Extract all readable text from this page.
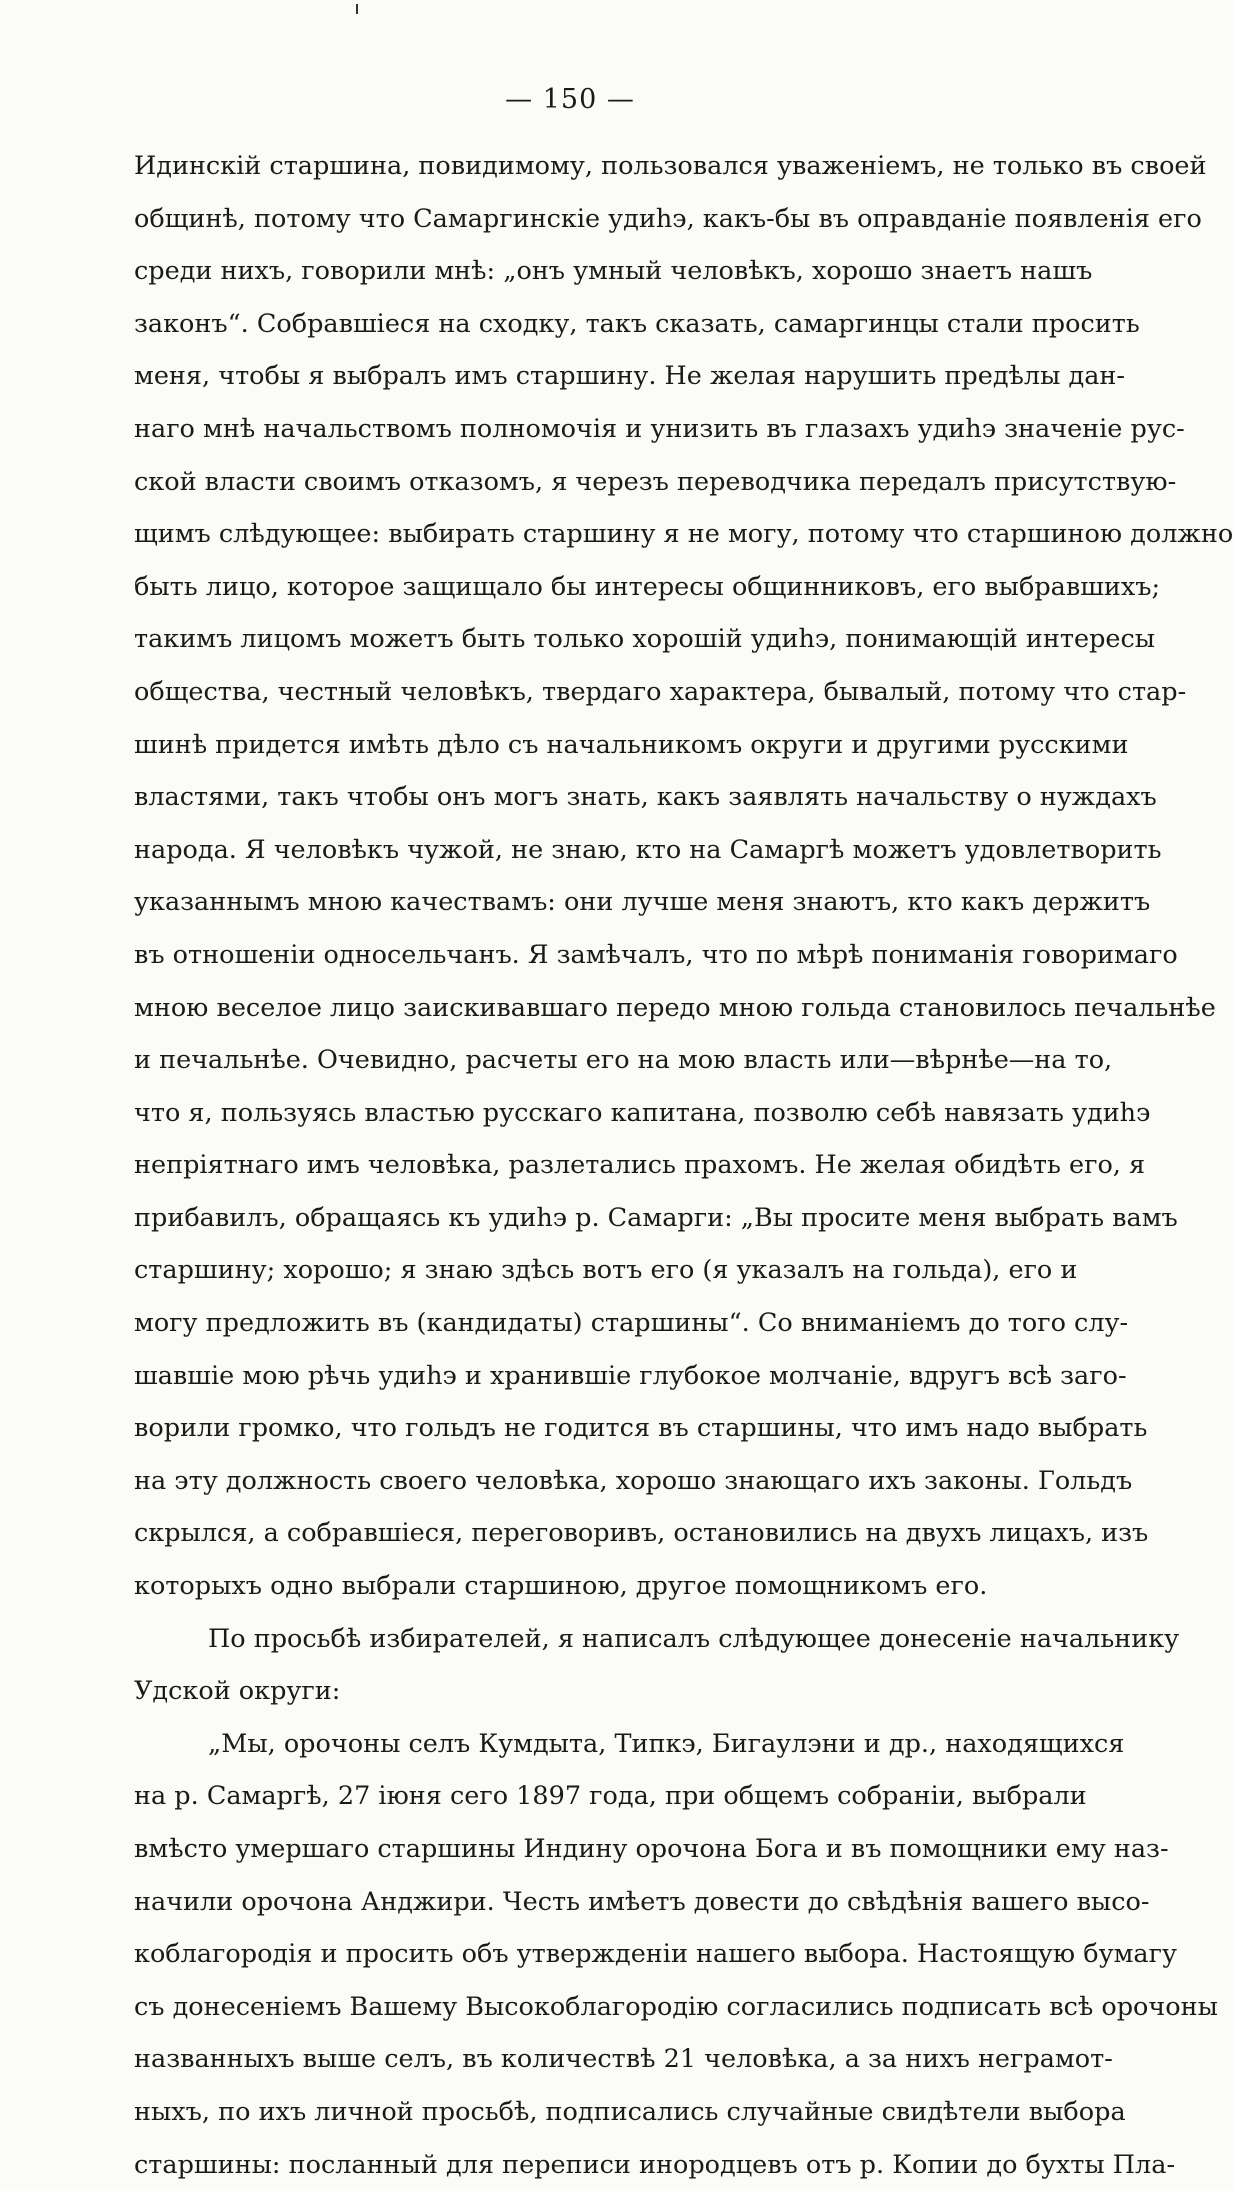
— 150 —
Идинскій старшина, повидимому, пользовался уваженіемъ, не только въ своей
общинѣ, потому что Самаргинскіе удиһэ, какъ-бы въ оправданіе появленія его
среди нихъ, говорили мнѣ: „онъ умный человѣкъ, хорошо знаетъ нашъ
законъ“. Собравшіеся на сходку, такъ сказать, самаргинцы стали просить
меня, чтобы я выбралъ имъ старшину. Не желая нарушить предѣлы дан-
наго мнѣ начальствомъ полномочія и унизить въ глазахъ удиһэ значеніе рус-
ской власти своимъ отказомъ, я черезъ переводчика передалъ присутствую-
щимъ слѣдующее: выбирать старшину я не могу, потому что старшиною должно
быть лицо, которое защищало бы интересы общинниковъ, его выбравшихъ;
такимъ лицомъ можетъ быть только хорошій удиһэ, понимающій интересы
общества, честный человѣкъ, твердаго характера, бывалый, потому что стар-
шинѣ придется имѣть дѣло съ начальникомъ округи и другими русскими
властями, такъ чтобы онъ могъ знать, какъ заявлять начальству о нуждахъ
народа. Я человѣкъ чужой, не знаю, кто на Самаргѣ можетъ удовлетворить
указаннымъ мною качествамъ: они лучше меня знаютъ, кто какъ держитъ
въ отношеніи односельчанъ. Я замѣчалъ, что по мѣрѣ пониманія говоримаго
мною веселое лицо заискивавшаго передо мною гольда становилось печальнѣе
и печальнѣе. Очевидно, расчеты его на мою власть или—вѣрнѣе—на то,
что я, пользуясь властью русскаго капитана, позволю себѣ навязать удиһэ
непріятнаго имъ человѣка, разлетались прахомъ. Не желая обидѣть его, я
прибавилъ, обращаясь къ удиһэ р. Самарги: „Вы просите меня выбрать вамъ
старшину; хорошо; я знаю здѣсь вотъ его (я указалъ на гольда), его и
могу предложить въ (кандидаты) старшины“. Со вниманіемъ до того слу-
шавшіе мою рѣчь удиһэ и хранившіе глубокое молчаніе, вдругъ всѣ заго-
ворили громко, что гольдъ не годится въ старшины, что имъ надо выбрать
на эту должность своего человѣка, хорошо знающаго ихъ законы. Гольдъ
скрылся, а собравшіеся, переговоривъ, остановились на двухъ лицахъ, изъ
которыхъ одно выбрали старшиною, другое помощникомъ его.
По просьбѣ избирателей, я написалъ слѣдующее донесеніе начальнику
Удской округи:
„Мы, орочоны селъ Кумдыта, Типкэ, Бигаулэни и др., находящихся
на р. Самаргѣ, 27 іюня сего 1897 года, при общемъ собраніи, выбрали
вмѣсто умершаго старшины Индину орочона Бога и въ помощники ему наз-
начили орочона Анджири. Честь имѣетъ довести до свѣдѣнія вашего высо-
коблагородія и просить объ утвержденіи нашего выбора. Настоящую бумагу
съ донесеніемъ Вашему Высокоблагородію согласились подписать всѣ орочоны
названныхъ выше селъ, въ количествѣ 21 человѣка, а за нихъ неграмот-
ныхъ, по ихъ личной просьбѣ, подписались случайные свидѣтели выбора
старшины: посланный для переписи инородцевъ отъ р. Копии до бухты Пла-
